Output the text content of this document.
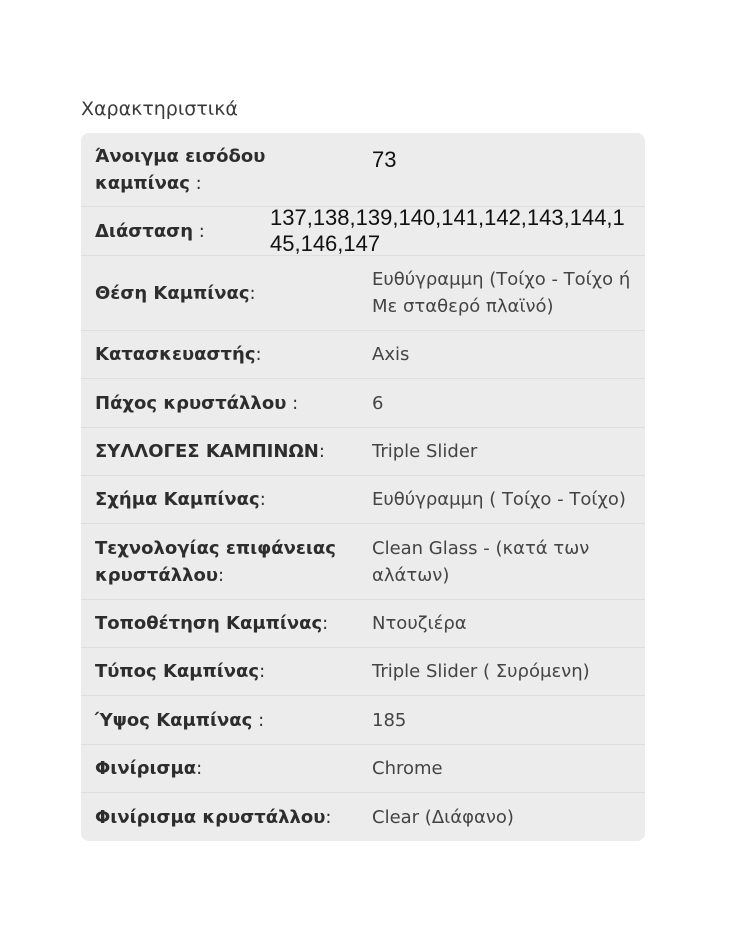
Χαρακτηριστικά
Άνοιγμα εισόδου καμπίνας :
73
Διάσταση :
137,138,139,140,141,142,143,144,145,146,147
Θέση Καμπίνας:
Ευθύγραμμη (Τοίχο - Τοίχο ή Με σταθερό πλαϊνό)
Κατασκευαστής:	Axis
Πάχος κρυστάλλου :	6
ΣΥΛΛΟΓΕΣ ΚΑΜΠΙΝΩΝ:	Triple Slider
Σχήμα Καμπίνας:	Ευθύγραμμη ( Τοίχο - Τοίχο)
Τεχνολογίας επιφάνειας κρυστάλλου:
Clean Glass - (κατά των αλάτων)
Τοποθέτηση Καμπίνας:	Ντουζιέρα
Τύπος Καμπίνας:	Triple Slider ( Συρόμενη)
Ύψος Καμπίνας :	185
Φινίρισμα:	Chrome
Φινίρισμα κρυστάλλου:	Clear (Διάφανο)
